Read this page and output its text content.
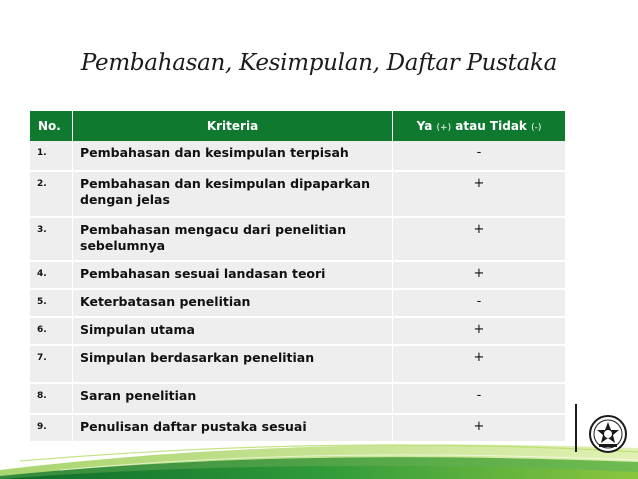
Pembahasan, Kesimpulan, Daftar Pustaka
No.	Kriteria	Ya (+) atau Tidak (-)
1.	Pembahasan dan kesimpulan terpisah	-
2.	Pembahasan dan kesimpulan dipaparkan dengan jelas	+
3.	Pembahasan mengacu dari penelitian sebelumnya	+
4.	Pembahasan sesuai landasan teori	+
5.	Keterbatasan penelitian	-
6.	Simpulan utama	+
7.	Simpulan berdasarkan penelitian	+
8.	Saran penelitian	-
9.	Penulisan daftar pustaka sesuai	+
